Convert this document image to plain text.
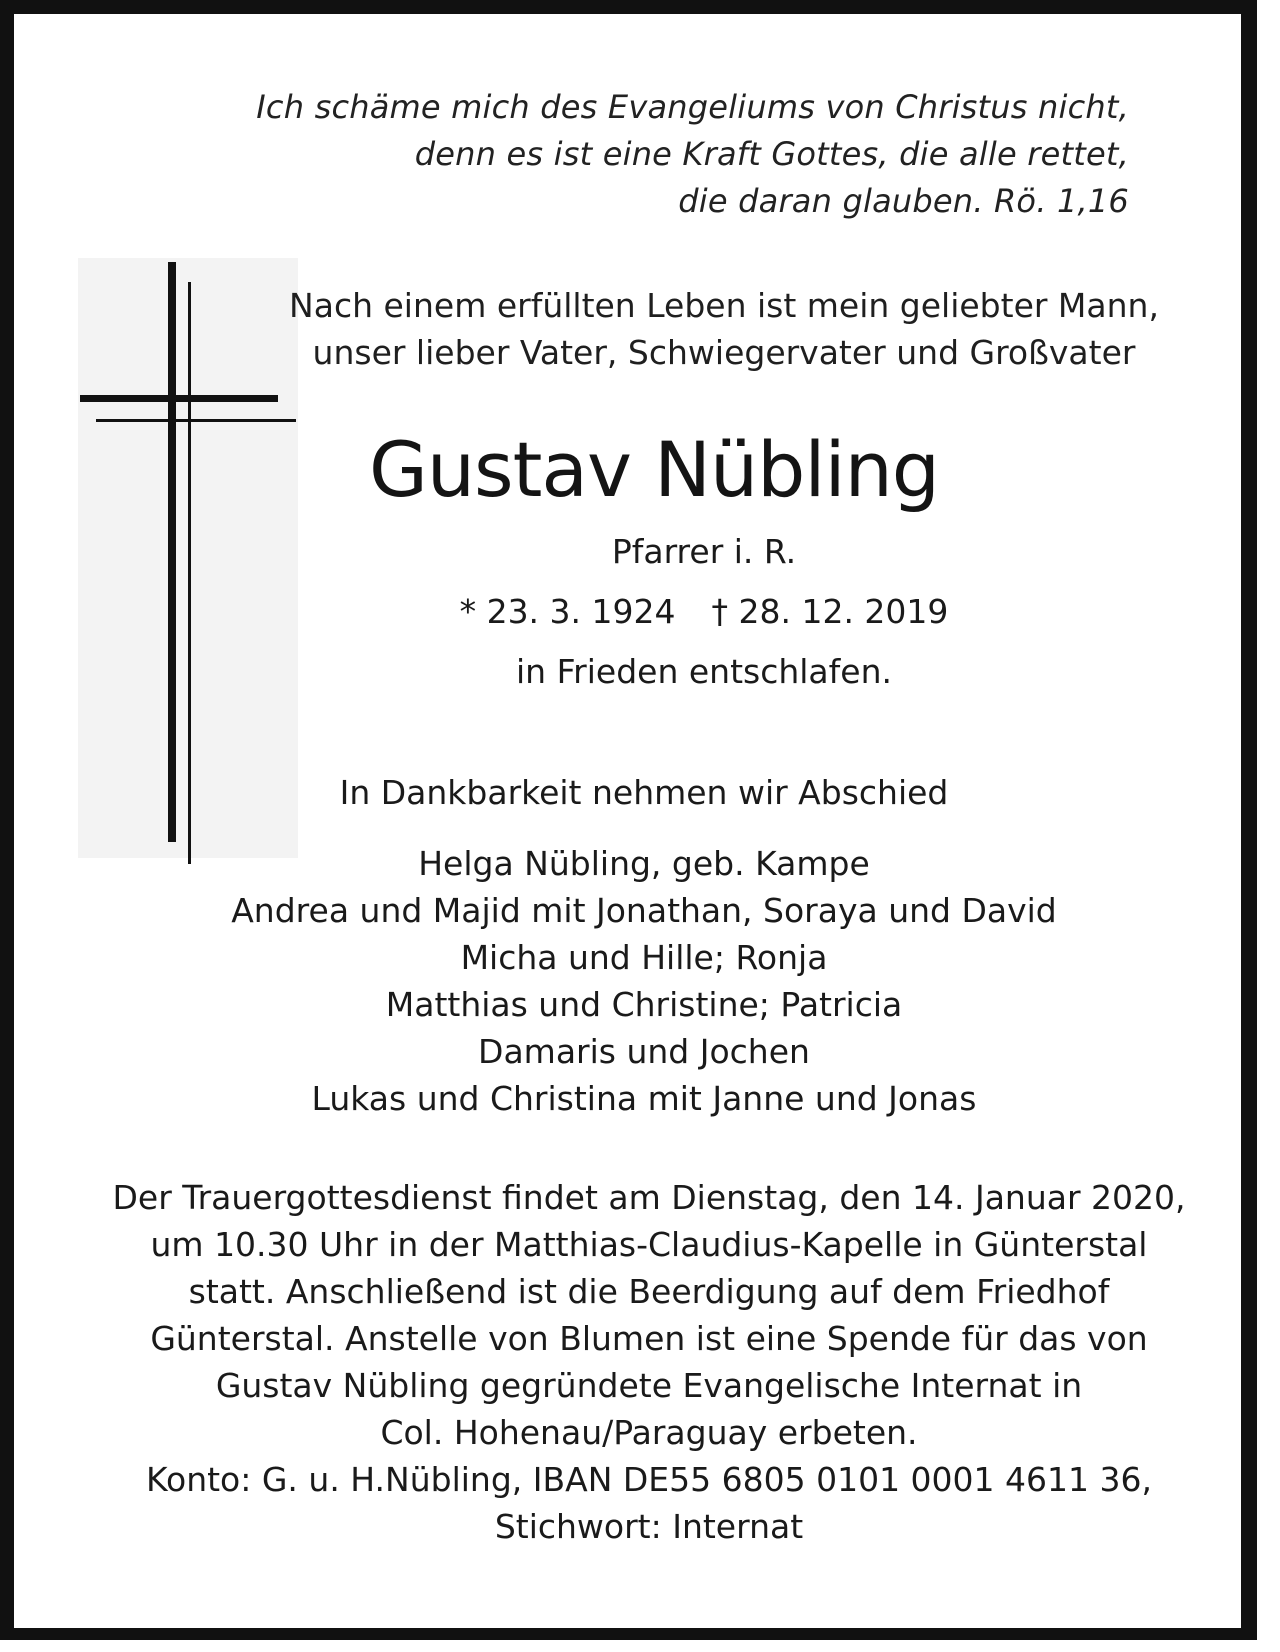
Ich schäme mich des Evangeliums von Christus nicht,
denn es ist eine Kraft Gottes, die alle rettet,
die daran glauben. Rö. 1,16
Nach einem erfüllten Leben ist mein geliebter Mann,
unser lieber Vater, Schwiegervater und Großvater
Gustav Nübling
Pfarrer i. R.
* 23. 3. 1924 † 28. 12. 2019
in Frieden entschlafen.
In Dankbarkeit nehmen wir Abschied
Helga Nübling, geb. Kampe
Andrea und Majid mit Jonathan, Soraya und David
Micha und Hille; Ronja
Matthias und Christine; Patricia
Damaris und Jochen
Lukas und Christina mit Janne und Jonas
Der Trauergottesdienst findet am Dienstag, den 14. Januar 2020,
um 10.30 Uhr in der Matthias-Claudius-Kapelle in Günterstal
statt. Anschließend ist die Beerdigung auf dem Friedhof
Günterstal. Anstelle von Blumen ist eine Spende für das von
Gustav Nübling gegründete Evangelische Internat in
Col. Hohenau/Paraguay erbeten.
Konto: G. u. H.Nübling, IBAN DE55 6805 0101 0001 4611 36,
Stichwort: Internat
